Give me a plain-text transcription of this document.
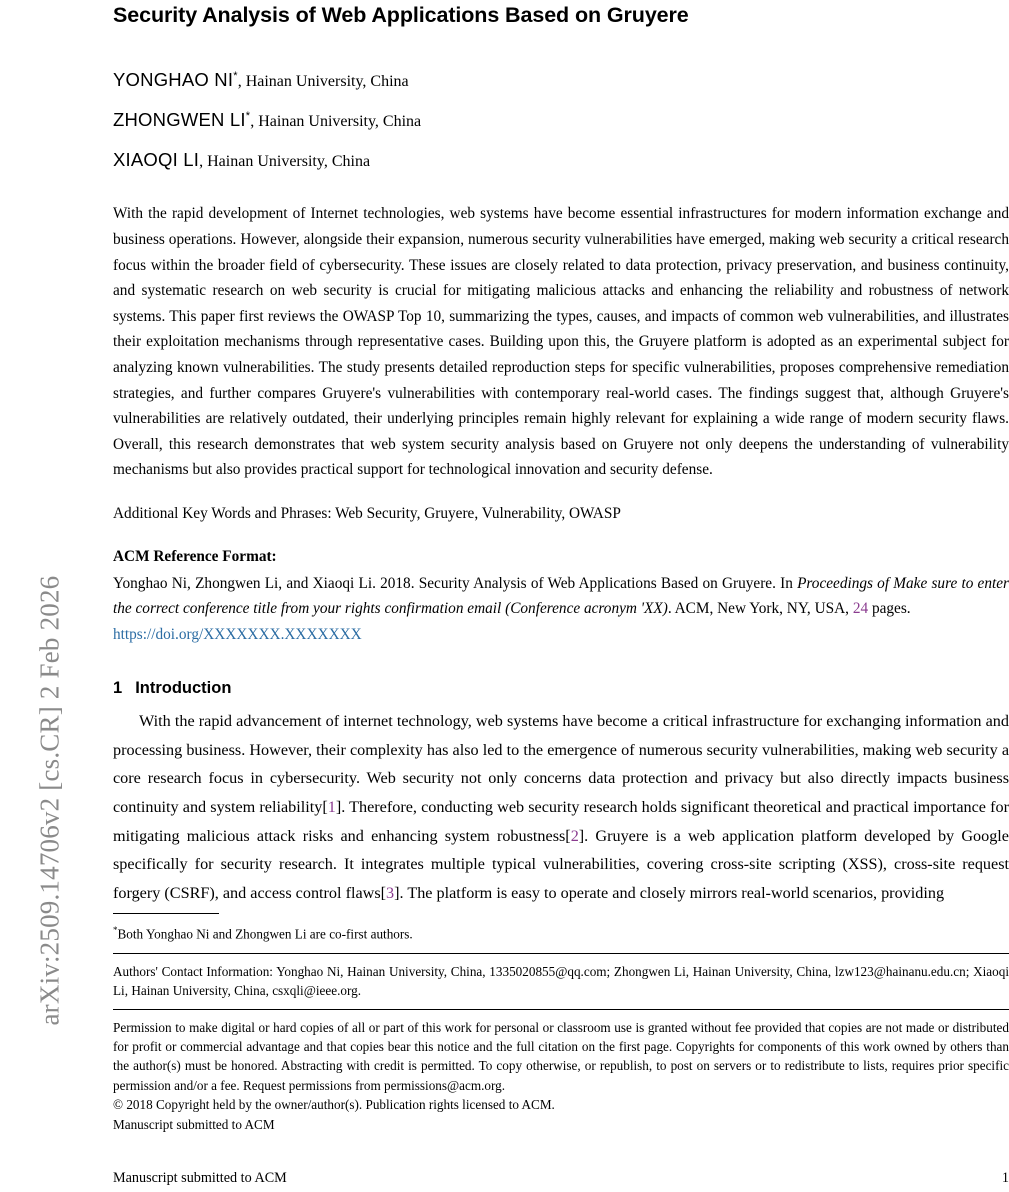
arXiv:2509.14706v2 [cs.CR] 2 Feb 2026
Security Analysis of Web Applications Based on Gruyere
YONGHAO NI*, Hainan University, China
ZHONGWEN LI*, Hainan University, China
XIAOQI LI, Hainan University, China

With the rapid development of Internet technologies, web systems have become essential infrastructures for modern information exchange and business operations. However, alongside their expansion, numerous security vulnerabilities have emerged, making web security a critical research focus within the broader field of cybersecurity. These issues are closely related to data protection, privacy preservation, and business continuity, and systematic research on web security is crucial for mitigating malicious attacks and enhancing the reliability and robustness of network systems. This paper first reviews the OWASP Top 10, summarizing the types, causes, and impacts of common web vulnerabilities, and illustrates their exploitation mechanisms through representative cases. Building upon this, the Gruyere platform is adopted as an experimental subject for analyzing known vulnerabilities. The study presents detailed reproduction steps for specific vulnerabilities, proposes comprehensive remediation strategies, and further compares Gruyere's vulnerabilities with contemporary real-world cases. The findings suggest that, although Gruyere's vulnerabilities are relatively outdated, their underlying principles remain highly relevant for explaining a wide range of modern security flaws. Overall, this research demonstrates that web system security analysis based on Gruyere not only deepens the understanding of vulnerability mechanisms but also provides practical support for technological innovation and security defense.

Additional Key Words and Phrases: Web Security, Gruyere, Vulnerability, OWASP

ACM Reference Format:

Yonghao Ni, Zhongwen Li, and Xiaoqi Li. 2018. Security Analysis of Web Applications Based on Gruyere. In Proceedings of Make sure to enter the correct conference title from your rights confirmation email (Conference acronym 'XX). ACM, New York, NY, USA, 24 pages.
https://doi.org/XXXXXXX.XXXXXXX

1 Introduction

With the rapid advancement of internet technology, web systems have become a critical infrastructure for exchanging information and processing business. However, their complexity has also led to the emergence of numerous security vulnerabilities, making web security a core research focus in cybersecurity. Web security not only concerns data protection and privacy but also directly impacts business continuity and system reliability[1]. Therefore, conducting web security research holds significant theoretical and practical importance for mitigating malicious attack risks and enhancing system robustness[2]. Gruyere is a web application platform developed by Google specifically for security research. It integrates multiple typical vulnerabilities, covering cross-site scripting (XSS), cross-site request forgery (CSRF), and access control flaws[3]. The platform is easy to operate and closely mirrors real-world scenarios, providing

*Both Yonghao Ni and Zhongwen Li are co-first authors.
Authors' Contact Information: Yonghao Ni, Hainan University, China, 1335020855@qq.com; Zhongwen Li, Hainan University, China, lzw123@hainanu.edu.cn; Xiaoqi Li, Hainan University, China, csxqli@ieee.org.
Permission to make digital or hard copies of all or part of this work for personal or classroom use is granted without fee provided that copies are not made or distributed for profit or commercial advantage and that copies bear this notice and the full citation on the first page. Copyrights for components of this work owned by others than the author(s) must be honored. Abstracting with credit is permitted. To copy otherwise, or republish, to post on servers or to redistribute to lists, requires prior specific permission and/or a fee. Request permissions from permissions@acm.org.
© 2018 Copyright held by the owner/author(s). Publication rights licensed to ACM.
Manuscript submitted to ACM
Manuscript submitted to ACM	1
